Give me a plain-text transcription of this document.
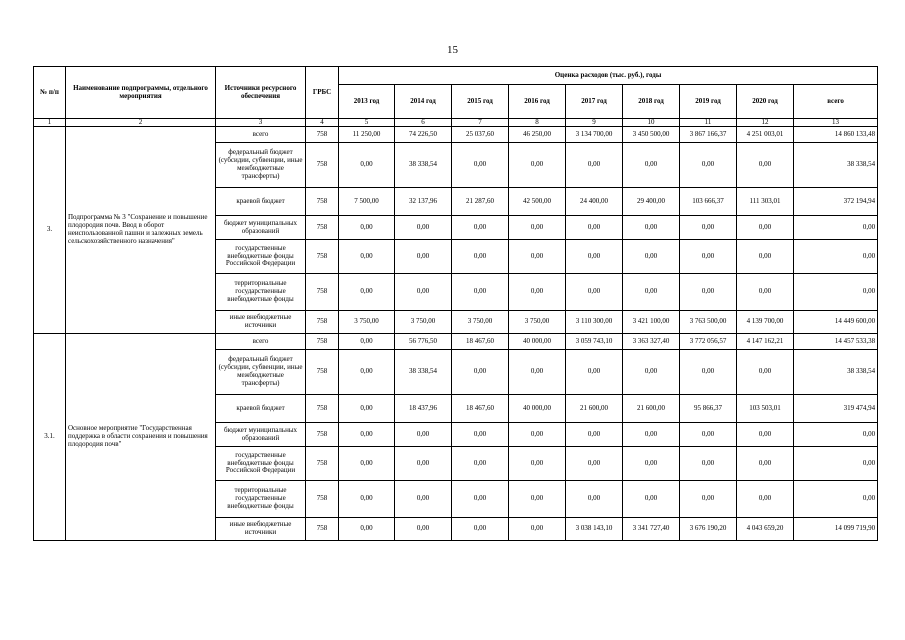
15
№ п/п	Наименование подпрограммы, отдельного мероприятия	Источники ресурсного обеспечения	ГРБС	Оценка расходов (тыс. руб.), годы								
				2013 год	2014 год	2015 год	2016 год	2017 год	2018 год	2019 год	2020 год	всего
1	2	3	4	5	6	7	8	9	10	11	12	13
3.	Подпрограмма № 3 "Сохранение и повышение плодородия почв. Ввод в оборот неиспользованной пашни и залежных земель сельскохозяйственного назначения"	всего	758	11 250,00	74 226,50	25 037,60	46 250,00	3 134 700,00	3 450 500,00	3 867 166,37	4 251 003,01	14 860 133,48
		федеральный бюджет (субсидии, субвенции, иные межбюджетные трансферты)	758	0,00	38 338,54	0,00	0,00	0,00	0,00	0,00	0,00	38 338,54
		краевой бюджет	758	7 500,00	32 137,96	21 287,60	42 500,00	24 400,00	29 400,00	103 666,37	111 303,01	372 194,94
		бюджет муниципальных образований	758	0,00	0,00	0,00	0,00	0,00	0,00	0,00	0,00	0,00
		государственные внебюджетные фонды Российской Федерации	758	0,00	0,00	0,00	0,00	0,00	0,00	0,00	0,00	0,00
		территориальные государственные внебюджетные фонды	758	0,00	0,00	0,00	0,00	0,00	0,00	0,00	0,00	0,00
		иные внебюджетные источники	758	3 750,00	3 750,00	3 750,00	3 750,00	3 110 300,00	3 421 100,00	3 763 500,00	4 139 700,00	14 449 600,00
3.1.	Основное мероприятие "Государственная поддержка в области сохранения и повышения плодородия почв"	всего	758	0,00	56 776,50	18 467,60	40 000,00	3 059 743,10	3 363 327,40	3 772 056,57	4 147 162,21	14 457 533,38
		федеральный бюджет (субсидии, субвенции, иные межбюджетные трансферты)	758	0,00	38 338,54	0,00	0,00	0,00	0,00	0,00	0,00	38 338,54
		краевой бюджет	758	0,00	18 437,96	18 467,60	40 000,00	21 600,00	21 600,00	95 866,37	103 503,01	319 474,94
		бюджет муниципальных образований	758	0,00	0,00	0,00	0,00	0,00	0,00	0,00	0,00	0,00
		государственные внебюджетные фонды Российской Федерации	758	0,00	0,00	0,00	0,00	0,00	0,00	0,00	0,00	0,00
		территориальные государственные внебюджетные фонды	758	0,00	0,00	0,00	0,00	0,00	0,00	0,00	0,00	0,00
		иные внебюджетные источники	758	0,00	0,00	0,00	0,00	3 038 143,10	3 341 727,40	3 676 190,20	4 043 659,20	14 099 719,90
